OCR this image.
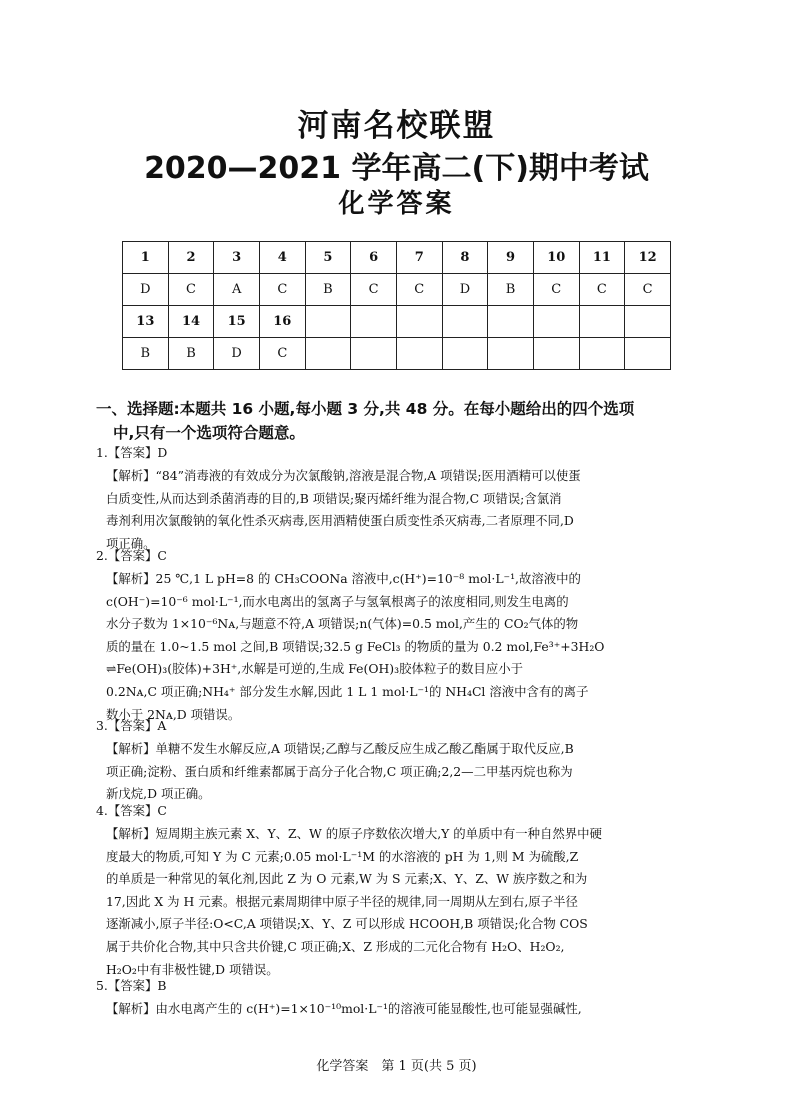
河南名校联盟
2020—2021 学年高二(下)期中考试
化学答案
1	2	3	4	5	6	7	8	9	10	11	12
D	C	A	C	B	C	C	D	B	C	C	C
13	14	15	16								
B	B	D	C								
一、选择题:本题共 16 小题,每小题 3 分,共 48 分。在每小题给出的四个选项
中,只有一个选项符合题意。
1.【答案】D
【解析】“84”消毒液的有效成分为次氯酸钠,溶液是混合物,A 项错误;医用酒精可以使蛋
白质变性,从而达到杀菌消毒的目的,B 项错误;聚丙烯纤维为混合物,C 项错误;含氯消
毒剂利用次氯酸钠的氧化性杀灭病毒,医用酒精使蛋白质变性杀灭病毒,二者原理不同,D
项正确。
2.【答案】C
【解析】25 ℃,1 L pH=8 的 CH₃COONa 溶液中,c(H⁺)=10⁻⁸ mol·L⁻¹,故溶液中的
c(OH⁻)=10⁻⁶ mol·L⁻¹,而水电离出的氢离子与氢氧根离子的浓度相同,则发生电离的
水分子数为 1×10⁻⁶Nᴀ,与题意不符,A 项错误;n(气体)=0.5 mol,产生的 CO₂气体的物
质的量在 1.0~1.5 mol 之间,B 项错误;32.5 g FeCl₃ 的物质的量为 0.2 mol,Fe³⁺+3H₂O
⇌Fe(OH)₃(胶体)+3H⁺,水解是可逆的,生成 Fe(OH)₃胶体粒子的数目应小于
0.2Nᴀ,C 项正确;NH₄⁺ 部分发生水解,因此 1 L 1 mol·L⁻¹的 NH₄Cl 溶液中含有的离子
数小于 2Nᴀ,D 项错误。
3.【答案】A
【解析】单糖不发生水解反应,A 项错误;乙醇与乙酸反应生成乙酸乙酯属于取代反应,B
项正确;淀粉、蛋白质和纤维素都属于高分子化合物,C 项正确;2,2—二甲基丙烷也称为
新戊烷,D 项正确。
4.【答案】C
【解析】短周期主族元素 X、Y、Z、W 的原子序数依次增大,Y 的单质中有一种自然界中硬
度最大的物质,可知 Y 为 C 元素;0.05 mol·L⁻¹M 的水溶液的 pH 为 1,则 M 为硫酸,Z
的单质是一种常见的氧化剂,因此 Z 为 O 元素,W 为 S 元素;X、Y、Z、W 族序数之和为
17,因此 X 为 H 元素。根据元素周期律中原子半径的规律,同一周期从左到右,原子半径
逐渐减小,原子半径:O<C,A 项错误;X、Y、Z 可以形成 HCOOH,B 项错误;化合物 COS
属于共价化合物,其中只含共价键,C 项正确;X、Z 形成的二元化合物有 H₂O、H₂O₂,
H₂O₂中有非极性键,D 项错误。
5.【答案】B
【解析】由水电离产生的 c(H⁺)=1×10⁻¹⁰mol·L⁻¹的溶液可能显酸性,也可能显强碱性,
化学答案　第 1 页(共 5 页)
